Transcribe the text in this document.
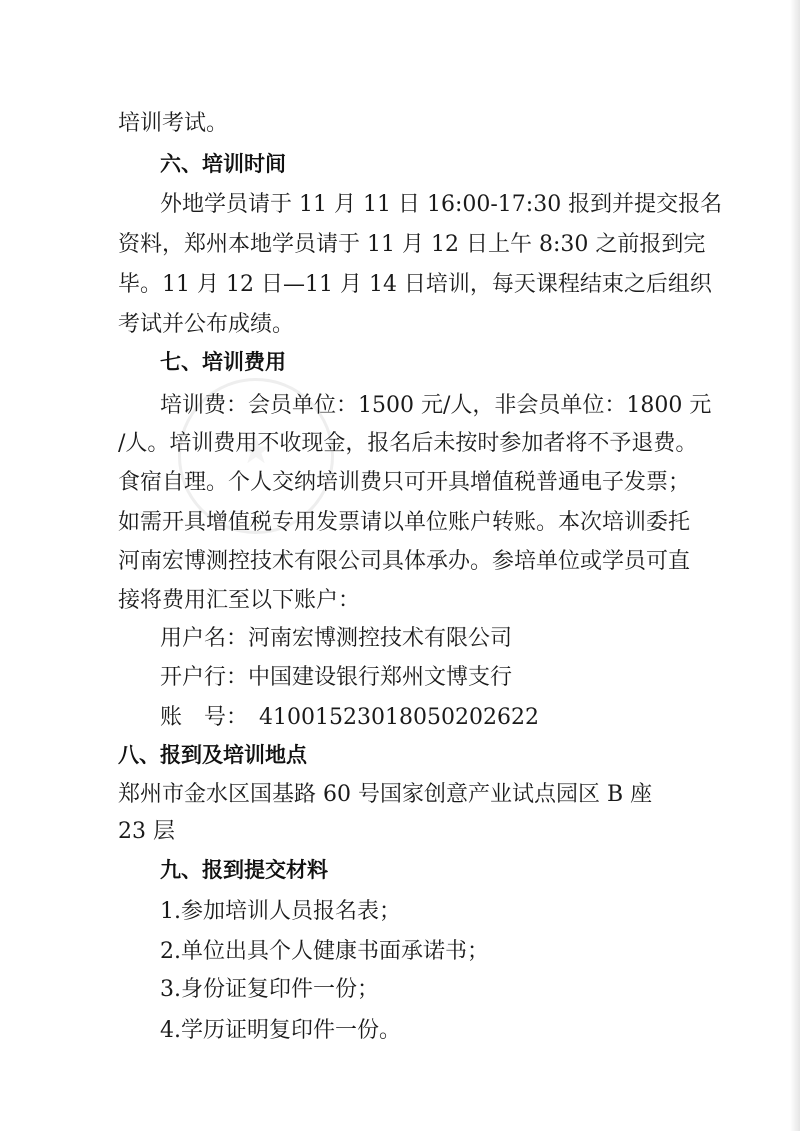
培训考试。
六、培训时间
外地学员请于 11 月 11 日 16:00-17:30 报到并提交报名
资料，郑州本地学员请于 11 月 12 日上午 8:30 之前报到完
毕。11 月 12 日—11 月 14 日培训，每天课程结束之后组织
考试并公布成绩。
七、培训费用
培训费：会员单位：1500 元/人，非会员单位：1800 元
/人。培训费用不收现金，报名后未按时参加者将不予退费。
食宿自理。个人交纳培训费只可开具增值税普通电子发票；
如需开具增值税专用发票请以单位账户转账。本次培训委托
河南宏博测控技术有限公司具体承办。参培单位或学员可直
接将费用汇至以下账户：
用户名：河南宏博测控技术有限公司
开户行：中国建设银行郑州文博支行
账　号：　41001523018050202622
八、报到及培训地点
郑州市金水区国基路 60 号国家创意产业试点园区 B 座
23 层
九、报到提交材料
1.参加培训人员报名表；
2.单位出具个人健康书面承诺书；
3.身份证复印件一份；
4.学历证明复印件一份。
